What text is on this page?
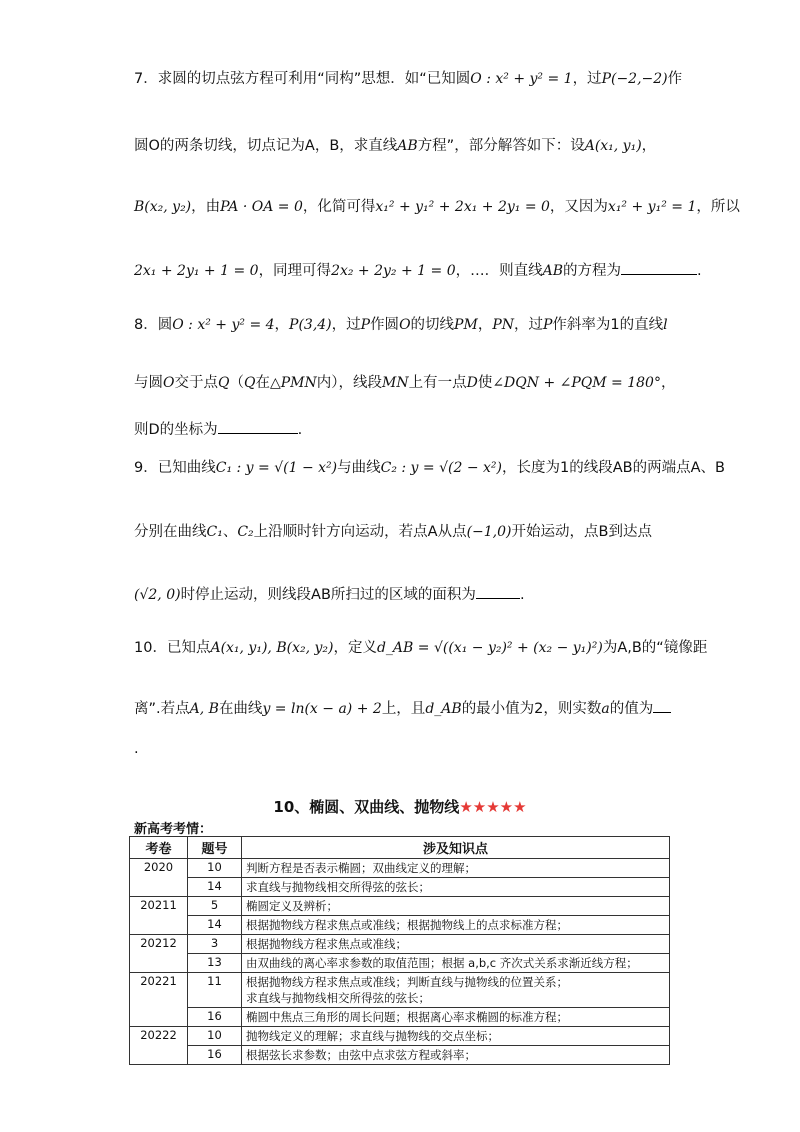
7．求圆的切点弦方程可利用“同构”思想．如“已知圆O : x² + y² = 1，过P(−2,−2)作
圆O的两条切线，切点记为A，B，求直线AB方程”，部分解答如下：设A(x₁, y₁)，
B(x₂, y₂)，由PA · OA = 0，化简可得x₁² + y₁² + 2x₁ + 2y₁ = 0，又因为x₁² + y₁² = 1，所以
2x₁ + 2y₁ + 1 = 0，同理可得2x₂ + 2y₂ + 1 = 0，…．则直线AB的方程为	.
8．圆O : x² + y² = 4，P(3,4)，过P作圆O的切线PM，PN，过P作斜率为1的直线l
与圆O交于点Q（Q在△PMN内），线段MN上有一点D使∠DQN + ∠PQM = 180°，
则D的坐标为	.
9．已知曲线C₁ : y = √(1 − x²)与曲线C₂ : y = √(2 − x²)，长度为1的线段AB的两端点A、B
分别在曲线C₁、C₂上沿顺时针方向运动，若点A从点(−1,0)开始运动，点B到达点
(√2, 0)时停止运动，则线段AB所扫过的区域的面积为	.
10．已知点A(x₁, y₁), B(x₂, y₂)，定义d_AB = √((x₁ − y₂)² + (x₂ − y₁)²)为A,B的“镜像距
离”.若点A, B在曲线y = ln(x − a) + 2上，且d_AB的最小值为2，则实数a的值为
.
10、椭圆、双曲线、抛物线★★★★★
新高考考情：
考卷	题号	涉及知识点
2020	10	判断方程是否表示椭圆；双曲线定义的理解；
	14	求直线与抛物线相交所得弦的弦长；
20211	5	椭圆定义及辨析；
	14	根据抛物线方程求焦点或准线；根据抛物线上的点求标准方程；
20212	3	根据抛物线方程求焦点或准线；
	13	由双曲线的离心率求参数的取值范围；根据 a,b,c 齐次式关系求渐近线方程；
20221	11	根据抛物线方程求焦点或准线；判断直线与抛物线的位置关系；
求直线与抛物线相交所得弦的弦长；

	16	椭圆中焦点三角形的周长问题；根据离心率求椭圆的标准方程；
20222	10	抛物线定义的理解；求直线与抛物线的交点坐标；
	16	根据弦长求参数；由弦中点求弦方程或斜率；
